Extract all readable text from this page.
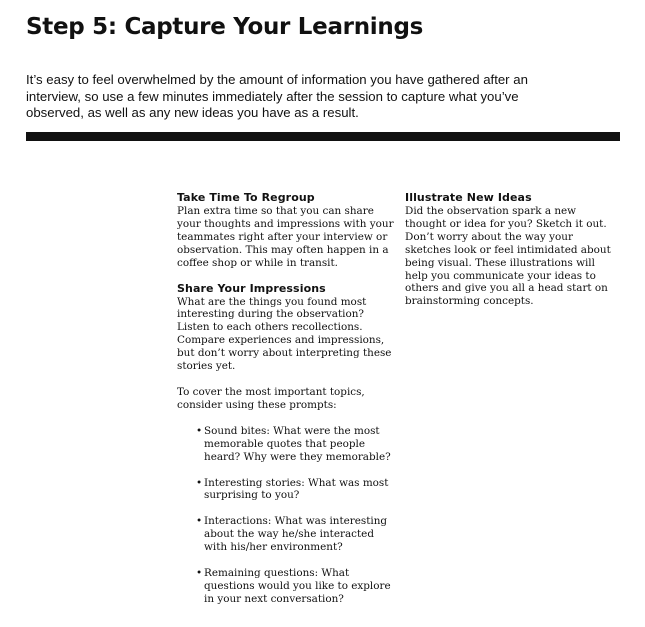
Step 5: Capture Your Learnings

It’s easy to feel overwhelmed by the amount of information you have gathered after an interview, so use a few minutes immediately after the session to capture what you’ve observed, as well as any new ideas you have as a result.

Take Time To Regroup

Plan extra time so that you can share your thoughts and impressions with your teammates right after your interview or observation. This may often happen in a coffee shop or while in transit.

Share Your Impressions

What are the things you found most interesting during the observation? Listen to each others recollections. Compare experiences and impressions, but don’t worry about interpreting these stories yet.

To cover the most important topics, consider using these prompts:

• Sound bites: What were the most memorable quotes that people heard? Why were they memorable?
• Interesting stories: What was most surprising to you?
• Interactions: What was interesting about the way he/she interacted with his/her environment?
• Remaining questions: What questions would you like to explore in your next conversation?
Illustrate New Ideas

Did the observation spark a new thought or idea for you? Sketch it out. Don’t worry about the way your sketches look or feel intimidated about being visual. These illustrations will help you communicate your ideas to others and give you all a head start on brainstorming concepts.
